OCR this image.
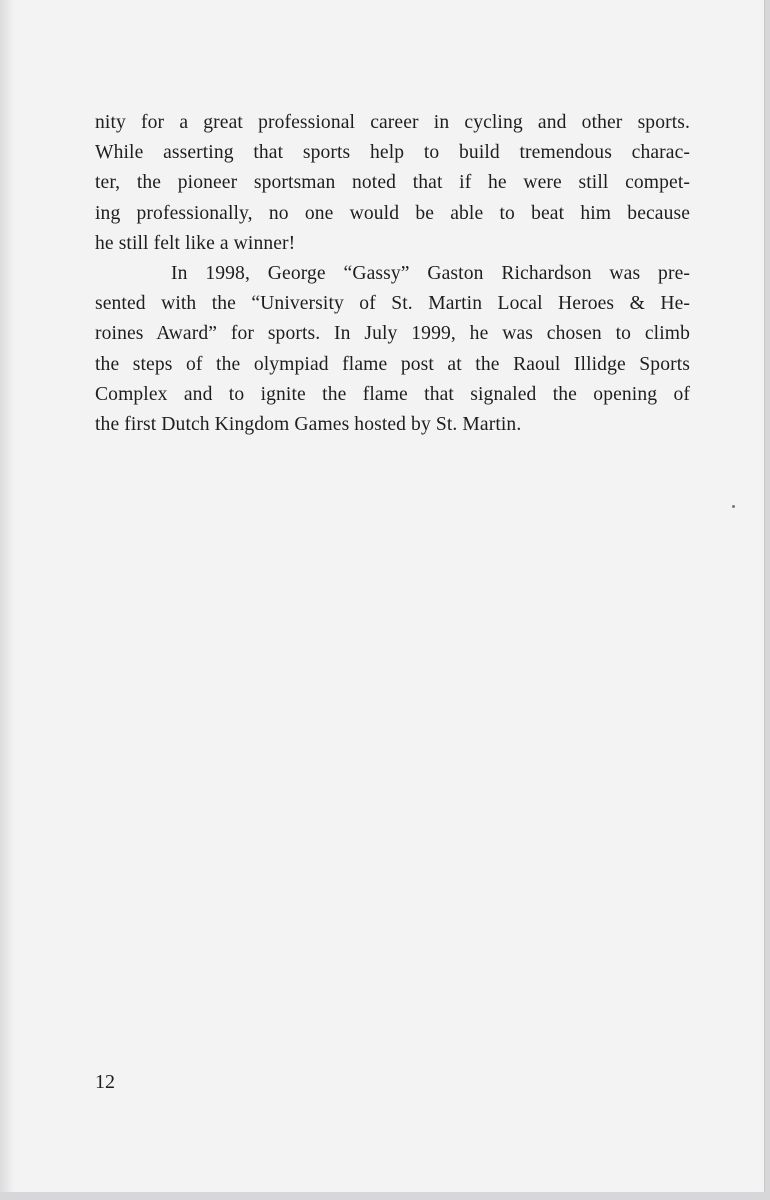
nity for a great professional career in cycling and other sports.
While asserting that sports help to build tremendous charac-
ter, the pioneer sportsman noted that if he were still compet-
ing professionally, no one would be able to beat him because
he still felt like a winner!
In 1998, George “Gassy” Gaston Richardson was pre-
sented with the “University of St. Martin Local Heroes & He-
roines Award” for sports. In July 1999, he was chosen to climb
the steps of the olympiad flame post at the Raoul Illidge Sports
Complex and to ignite the flame that signaled the opening of
the first Dutch Kingdom Games hosted by St. Martin.
12
